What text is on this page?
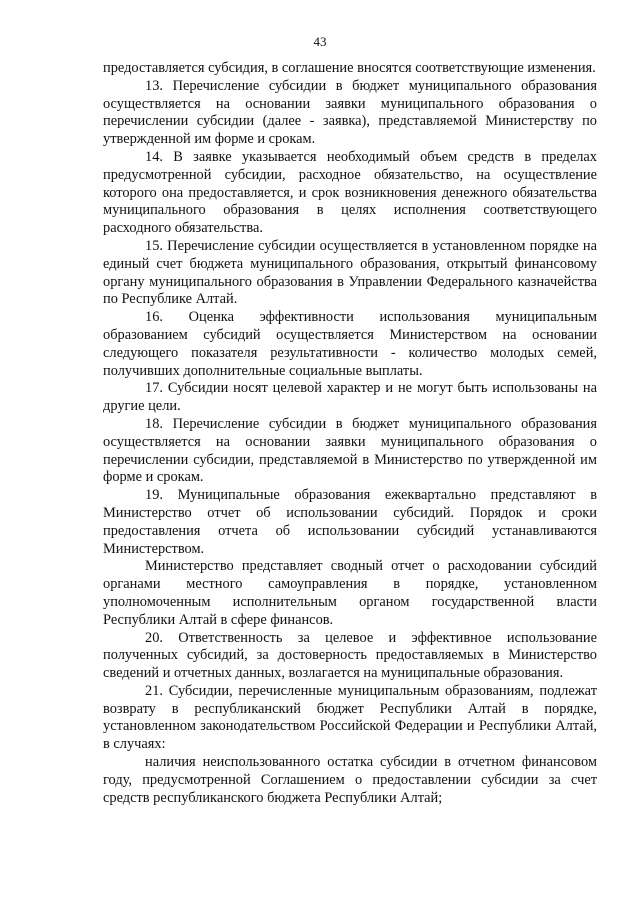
43

предоставляется субсидия, в соглашение вносятся соответствующие изменения.

13. Перечисление субсидии в бюджет муниципального образования осуществляется на основании заявки муниципального образования о перечислении субсидии (далее - заявка), представляемой Министерству по утвержденной им форме и срокам.

14. В заявке указывается необходимый объем средств в пределах предусмотренной субсидии, расходное обязательство, на осуществление которого она предоставляется, и срок возникновения денежного обязательства муниципального образования в целях исполнения соответствующего расходного обязательства.

15. Перечисление субсидии осуществляется в установленном порядке на единый счет бюджета муниципального образования, открытый финансовому органу муниципального образования в Управлении Федерального казначейства по Республике Алтай.

16. Оценка эффективности использования муниципальным образованием субсидий осуществляется Министерством на основании следующего показателя результативности - количество молодых семей, получивших дополнительные социальные выплаты.

17. Субсидии носят целевой характер и не могут быть использованы на другие цели.

18. Перечисление субсидии в бюджет муниципального образования осуществляется на основании заявки муниципального образования о перечислении субсидии, представляемой в Министерство по утвержденной им форме и срокам.

19. Муниципальные образования ежеквартально представляют в Министерство отчет об использовании субсидий. Порядок и сроки предоставления отчета об использовании субсидий устанавливаются Министерством.

Министерство представляет сводный отчет о расходовании субсидий органами местного самоуправления в порядке, установленном уполномоченным исполнительным органом государственной власти Республики Алтай в сфере финансов.

20. Ответственность за целевое и эффективное использование полученных субсидий, за достоверность предоставляемых в Министерство сведений и отчетных данных, возлагается на муниципальные образования.

21. Субсидии, перечисленные муниципальным образованиям, подлежат возврату в республиканский бюджет Республики Алтай в порядке, установленном законодательством Российской Федерации и Республики Алтай, в случаях:

наличия неиспользованного остатка субсидии в отчетном финансовом году, предусмотренной Соглашением о предоставлении субсидии за счет средств республиканского бюджета Республики Алтай;
